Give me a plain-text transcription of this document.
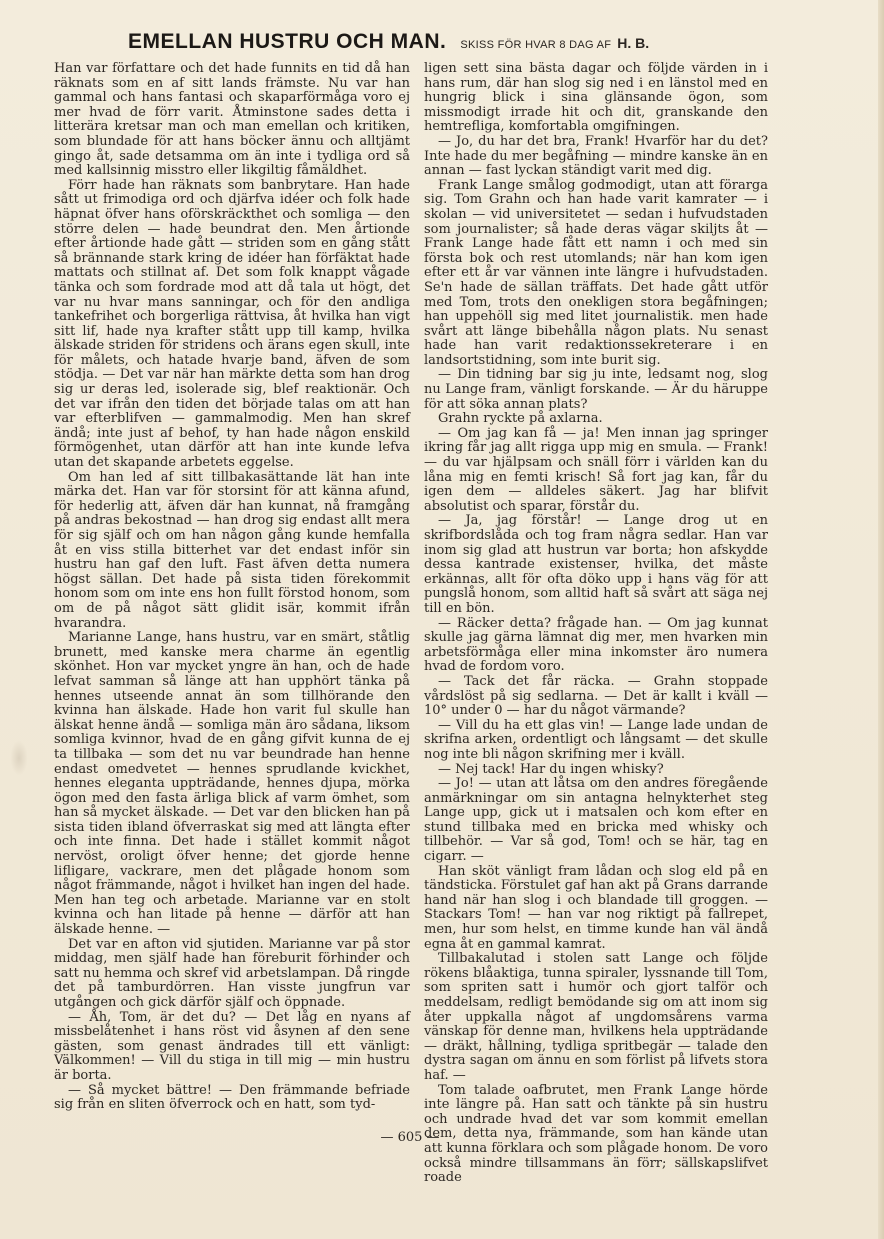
EMELLAN HUSTRU OCH MAN. SKISS FÖR HVAR 8 DAG AF H. B.

Han var författare och det hade funnits en tid då han räknats som en af sitt lands främste. Nu var han gammal och hans fantasi och skaparförmåga voro ej mer hvad de förr varit. Åtminstone sades detta i litterära kretsar man och man emellan och kritiken, som blundade för att hans böcker ännu och alltjämt gingo åt, sade detsamma om än inte i tydliga ord så med kallsinnig misstro eller likgiltig fåmäldhet.

Förr hade han räknats som banbrytare. Han hade sått ut frimodiga ord och djärfva idéer och folk hade häpnat öfver hans oförskräckthet och somliga — den större delen — hade beundrat den. Men årtionde efter årtionde hade gått — striden som en gång stått så brännande stark kring de idéer han förfäktat hade mattats och stillnat af. Det som folk knappt vågade tänka och som fordrade mod att då tala ut högt, det var nu hvar mans sanningar, och för den andliga tankefrihet och borgerliga rättvisa, åt hvilka han vigt sitt lif, hade nya krafter stått upp till kamp, hvilka älskade striden för stridens och ärans egen skull, inte för målets, och hatade hvarje band, äfven de som stödja. — Det var när han märkte detta som han drog sig ur deras led, isolerade sig, blef reaktionär. Och det var ifrån den tiden det började talas om att han var efterblifven — gammalmodig. Men han skref ändå; inte just af behof, ty han hade någon enskild förmögenhet, utan därför att han inte kunde lefva utan det skapande arbetets eggelse.

Om han led af sitt tillbakasättande lät han inte märka det. Han var för storsint för att känna afund, för hederlig att, äfven där han kunnat, nå framgång på andras bekostnad — han drog sig endast allt mera för sig själf och om han någon gång kunde hemfalla åt en viss stilla bitterhet var det endast inför sin hustru han gaf den luft. Fast äfven detta numera högst sällan. Det hade på sista tiden förekommit honom som om inte ens hon fullt förstod honom, som om de på något sätt glidit isär, kommit ifrån hvarandra.

Marianne Lange, hans hustru, var en smärt, ståtlig brunett, med kanske mera charme än egentlig skönhet. Hon var mycket yngre än han, och de hade lefvat samman så länge att han upphört tänka på hennes utseende annat än som tillhörande den kvinna han älskade. Hade hon varit ful skulle han älskat henne ändå — somliga män äro sådana, liksom somliga kvinnor, hvad de en gång gifvit kunna de ej ta tillbaka — som det nu var beundrade han henne endast omedvetet — hennes sprudlande kvickhet, hennes eleganta uppträdande, hennes djupa, mörka ögon med den fasta ärliga blick af varm ömhet, som han så mycket älskade. — Det var den blicken han på sista tiden ibland öfverraskat sig med att längta efter och inte finna. Det hade i stället kommit något nervöst, oroligt öfver henne; det gjorde henne lifligare, vackrare, men det plågade honom som något främmande, något i hvilket han ingen del hade. Men han teg och arbetade. Marianne var en stolt kvinna och han litade på henne — därför att han älskade henne. —

Det var en afton vid sjutiden. Marianne var på stor middag, men själf hade han föreburit förhinder och satt nu hemma och skref vid arbetslampan. Då ringde det på tamburdörren. Han visste jungfrun var utgången och gick därför själf och öppnade.

— Åh, Tom, är det du? — Det låg en nyans af missbelåtenhet i hans röst vid åsynen af den sene gästen, som genast ändrades till ett vänligt: Välkommen! — Vill du stiga in till mig — min hustru är borta.

— Så mycket bättre! — Den främmande befriade sig från en sliten öfverrock och en hatt, som tyd-

ligen sett sina bästa dagar och följde värden in i hans rum, där han slog sig ned i en länstol med en hungrig blick i sina glänsande ögon, som missmodigt irrade hit och dit, granskande den hemtrefliga, komfortabla omgifningen.

— Jo, du har det bra, Frank! Hvarför har du det? Inte hade du mer begåfning — mindre kanske än en annan — fast lyckan ständigt varit med dig.

Frank Lange smålog godmodigt, utan att förarga sig. Tom Grahn och han hade varit kamrater — i skolan — vid universitetet — sedan i hufvudstaden som journalister; så hade deras vägar skiljts åt — Frank Lange hade fått ett namn i och med sin första bok och rest utomlands; när han kom igen efter ett år var vännen inte längre i hufvudstaden. Se'n hade de sällan träffats. Det hade gått utför med Tom, trots den onekligen stora begåfningen; han uppehöll sig med litet journalistik. men hade svårt att länge bibehålla någon plats. Nu senast hade han varit redaktionssekreterare i en landsortstidning, som inte burit sig.

— Din tidning bar sig ju inte, ledsamt nog, slog nu Lange fram, vänligt forskande. — Är du häruppe för att söka annan plats?

Grahn ryckte på axlarna.

— Om jag kan få — ja! Men innan jag springer ikring får jag allt rigga upp mig en smula. — Frank! — du var hjälpsam och snäll förr i världen kan du låna mig en femti krisch! Så fort jag kan, får du igen dem — alldeles säkert. Jag har blifvit absolutist och sparar, förstår du.

— Ja, jag förstår! — Lange drog ut en skrifbordslåda och tog fram några sedlar. Han var inom sig glad att hustrun var borta; hon afskydde dessa kantrade existenser, hvilka, det måste erkännas, allt för ofta döko upp i hans väg för att pungslå honom, som alltid haft så svårt att säga nej till en bön.

— Räcker detta? frågade han. — Om jag kunnat skulle jag gärna lämnat dig mer, men hvarken min arbetsförmåga eller mina inkomster äro numera hvad de fordom voro.

— Tack det får räcka. — Grahn stoppade vårdslöst på sig sedlarna. — Det är kallt i kväll — 10° under 0 — har du något värmande?

— Vill du ha ett glas vin! — Lange lade undan de skrifna arken, ordentligt och långsamt — det skulle nog inte bli någon skrifning mer i kväll.

— Nej tack! Har du ingen whisky?

— Jo! — utan att låtsa om den andres föregående anmärkningar om sin antagna helnykterhet steg Lange upp, gick ut i matsalen och kom efter en stund tillbaka med en bricka med whisky och tillbehör. — Var så god, Tom! och se här, tag en cigarr. —

Han sköt vänligt fram lådan och slog eld på en tändsticka. Förstulet gaf han akt på Grans darrande hand när han slog i och blandade till groggen. — Stackars Tom! — han var nog riktigt på fallrepet, men, hur som helst, en timme kunde han väl ändå egna åt en gammal kamrat.

Tillbakalutad i stolen satt Lange och följde rökens blåaktiga, tunna spiraler, lyssnande till Tom, som spriten satt i humör och gjort talför och meddelsam, redligt bemödande sig om att inom sig åter uppkalla något af ungdomsårens varma vänskap för denne man, hvilkens hela uppträdande — dräkt, hållning, tydliga spritbegär — talade den dystra sagan om ännu en som förlist på lifvets stora haf. —

Tom talade oafbrutet, men Frank Lange hörde inte längre på. Han satt och tänkte på sin hustru och undrade hvad det var som kommit emellan dem, detta nya, främmande, som han kände utan att kunna förklara och som plågade honom. De voro också mindre tillsammans än förr; sällskapslifvet roade

— 605 —
